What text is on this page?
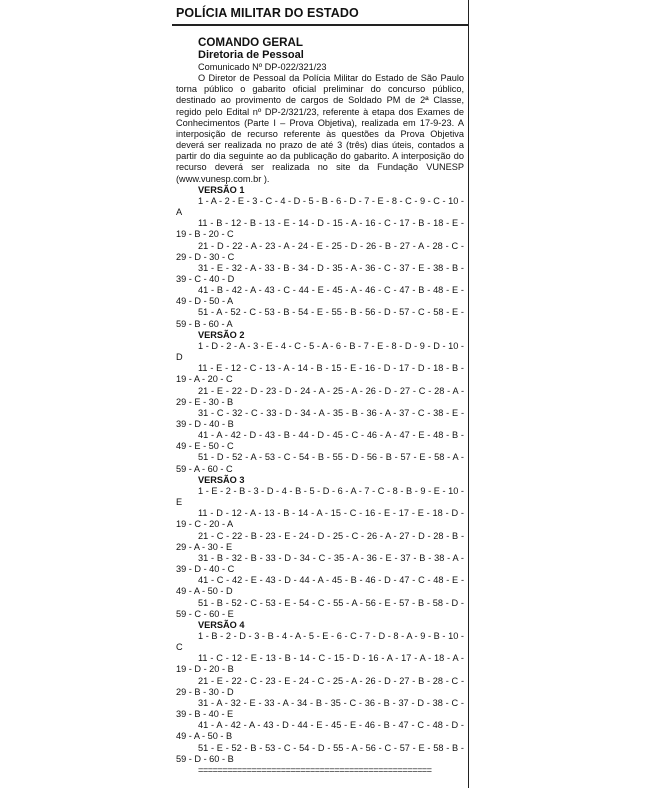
POLÍCIA MILITAR DO ESTADO
COMANDO GERAL
Diretoria de Pessoal
Comunicado Nº DP-022/321/23

O Diretor de Pessoal da Polícia Militar do Estado de São Paulo torna público o gabarito oficial preliminar do concurso público, destinado ao provimento de cargos de Soldado PM de 2ª Classe, regido pelo Edital nº DP-2/321/23, referente à etapa dos Exames de Conhecimentos (Parte I – Prova Objetiva), realizada em 17-9-23. A interposição de recurso referente às questões da Prova Objetiva deverá ser realizada no prazo de até 3 (três) dias úteis, contados a partir do dia seguinte ao da publicação do gabarito. A interposição do recurso deverá ser realizada no site da Fundação VUNESP (www.vunesp.com.br ).

VERSÃO 1

1 - A - 2 - E - 3 - C - 4 - D - 5 - B - 6 - D - 7 - E - 8 - C - 9 - C - 10 - A

11 - B - 12 - B - 13 - E - 14 - D - 15 - A - 16 - C - 17 - B - 18 - E - 19 - B - 20 - C

21 - D - 22 - A - 23 - A - 24 - E - 25 - D - 26 - B - 27 - A - 28 - C - 29 - D - 30 - C

31 - E - 32 - A - 33 - B - 34 - D - 35 - A - 36 - C - 37 - E - 38 - B - 39 - C - 40 - D

41 - B - 42 - A - 43 - C - 44 - E - 45 - A - 46 - C - 47 - B - 48 - E - 49 - D - 50 - A

51 - A - 52 - C - 53 - B - 54 - E - 55 - B - 56 - D - 57 - C - 58 - E - 59 - B - 60 - A

VERSÃO 2

1 - D - 2 - A - 3 - E - 4 - C - 5 - A - 6 - B - 7 - E - 8 - D - 9 - D - 10 - D

11 - E - 12 - C - 13 - A - 14 - B - 15 - E - 16 - D - 17 - D - 18 - B - 19 - A - 20 - C

21 - E - 22 - D - 23 - D - 24 - A - 25 - A - 26 - D - 27 - C - 28 - A - 29 - E - 30 - B

31 - C - 32 - C - 33 - D - 34 - A - 35 - B - 36 - A - 37 - C - 38 - E - 39 - D - 40 - B

41 - A - 42 - D - 43 - B - 44 - D - 45 - C - 46 - A - 47 - E - 48 - B - 49 - E - 50 - C

51 - D - 52 - A - 53 - C - 54 - B - 55 - D - 56 - B - 57 - E - 58 - A - 59 - A - 60 - C

VERSÃO 3

1 - E - 2 - B - 3 - D - 4 - B - 5 - D - 6 - A - 7 - C - 8 - B - 9 - E - 10 - E

11 - D - 12 - A - 13 - B - 14 - A - 15 - C - 16 - E - 17 - E - 18 - D - 19 - C - 20 - A

21 - C - 22 - B - 23 - E - 24 - D - 25 - C - 26 - A - 27 - D - 28 - B - 29 - A - 30 - E

31 - B - 32 - B - 33 - D - 34 - C - 35 - A - 36 - E - 37 - B - 38 - A - 39 - D - 40 - C

41 - C - 42 - E - 43 - D - 44 - A - 45 - B - 46 - D - 47 - C - 48 - E - 49 - A - 50 - D

51 - B - 52 - C - 53 - E - 54 - C - 55 - A - 56 - E - 57 - B - 58 - D - 59 - C - 60 - E

VERSÃO 4

1 - B - 2 - D - 3 - B - 4 - A - 5 - E - 6 - C - 7 - D - 8 - A - 9 - B - 10 - C

11 - C - 12 - E - 13 - B - 14 - C - 15 - D - 16 - A - 17 - A - 18 - A - 19 - D - 20 - B

21 - E - 22 - C - 23 - E - 24 - C - 25 - A - 26 - D - 27 - B - 28 - C - 29 - B - 30 - D

31 - A - 32 - E - 33 - A - 34 - B - 35 - C - 36 - B - 37 - D - 38 - C - 39 - B - 40 - E

41 - A - 42 - A - 43 - D - 44 - E - 45 - E - 46 - B - 47 - C - 48 - D - 49 - A - 50 - B

51 - E - 52 - B - 53 - C - 54 - D - 55 - A - 56 - C - 57 - E - 58 - B - 59 - D - 60 - B

================================================
